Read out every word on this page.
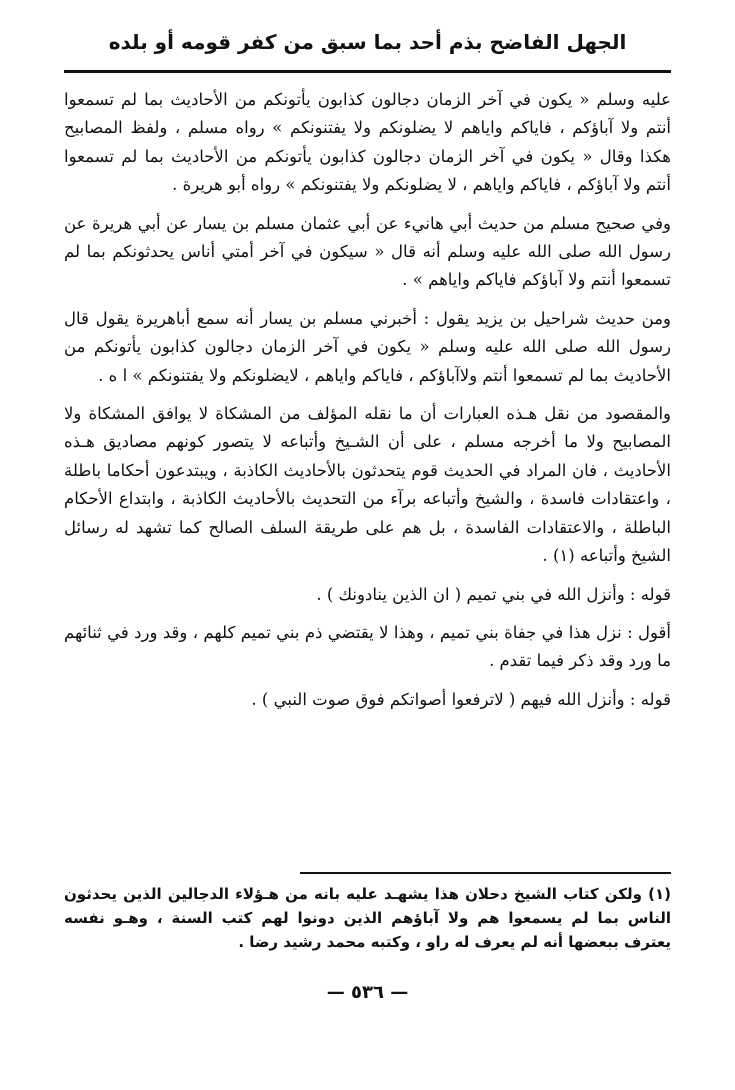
الجهل الفاضح بذم أحد بما سبق من كفر قومه أو بلده

عليه وسلم « يكون في آخر الزمان دجالون كذابون يأتونكم من الأحاديث بما لم تسمعوا أنتم ولا آباؤكم ، فاياكم واياهم لا يضلونكم ولا يفتنونكم » رواه مسلم ، ولفظ المصابيح هكذا وقال « يكون في آخر الزمان دجالون كذابون يأتونكم من الأحاديث بما لم تسمعوا أنتم ولا آباؤكم ، فاياكم واياهم ، لا يضلونكم ولا يفتنونكم » رواه أبو هريرة .

وفي صحيح مسلم من حديث أبي هانيء عن أبي عثمان مسلم بن يسار عن أبي هريرة عن رسول الله صلى الله عليه وسلم أنه قال « سيكون في آخر أمتي أناس يحدثونكم بما لم تسمعوا أنتم ولا آباؤكم فاياكم واياهم » .

ومن حديث شراحيل بن يزيد يقول : أخبرني مسلم بن يسار أنه سمع أباهريرة يقول قال رسول الله صلى الله عليه وسلم « يكون في آخر الزمان دجالون كذابون يأتونكم من الأحاديث بما لم تسمعوا أنتم ولاآباؤكم ، فاياكم واياهم ، لايضلونكم ولا يفتنونكم » ا ه .

والمقصود من نقل هـذه العبارات أن ما نقله المؤلف من المشكاة لا يوافق المشكاة ولا المصابيح ولا ما أخرجه مسلم ، على أن الشـيخ وأتباعه لا يتصور كونهم مصاديق هـذه الأحاديث ، فان المراد في الحديث قوم يتحدثون بالأحاديث الكاذبة ، ويبتدعون أحكاما باطلة ، واعتقادات فاسدة ، والشيخ وأتباعه برآء من التحديث بالأحاديث الكاذبة ، وابتداع الأحكام الباطلة ، والاعتقادات الفاسدة ، بل هم على طريقة السلف الصالح كما تشهد له رسائل الشيخ وأتباعه (١) .

قوله : وأنزل الله في بني تميم ( ان الذين ينادونك ) .

أقول : نزل هذا في جفاة بني تميم ، وهذا لا يقتضي ذم بني تميم كلهم ، وقد ورد في ثنائهم ما ورد وقد ذكر فيما تقدم .

قوله : وأنزل الله فيهم ( لاترفعوا أصواتكم فوق صوت النبي ) .

(١) ولكن كتاب الشيخ دحلان هذا يشهـد عليه بانه من هـؤلاء الدجالين الذين يحدثون الناس بما لم يسمعوا هم ولا آباؤهم الذين دونوا لهم كتب السنة ، وهـو نفسه يعترف ببعضها أنه لم يعرف له راو ، وكتبه محمد رشيد رضا .
— ٥٣٦ —
